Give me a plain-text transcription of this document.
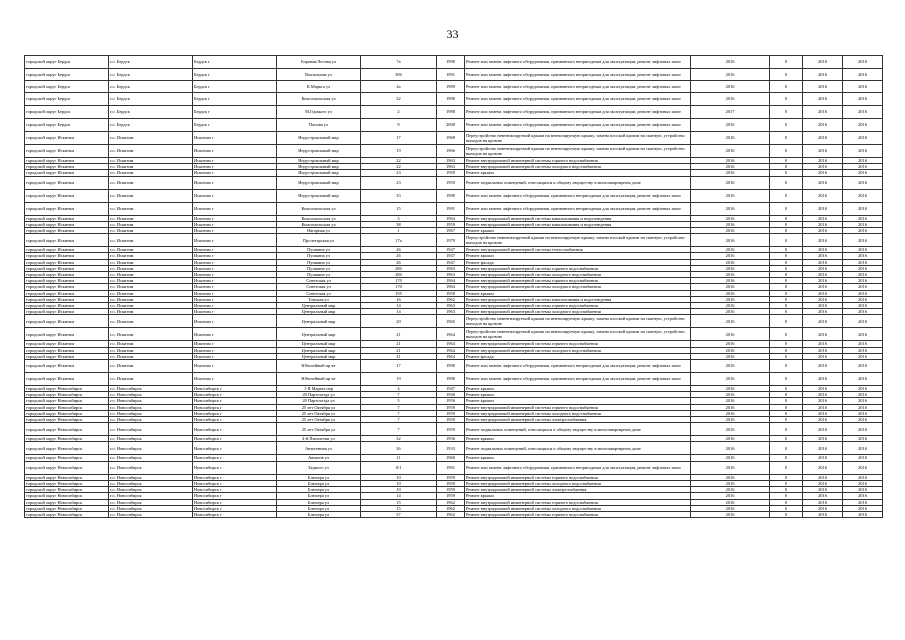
33
городской округ Бердск	г.о. Бердск	Бердск г	Боровая/Лесная ул	7а	1990	Ремонт или замена лифтового оборудования, признанного непригодным для эксплуатации, ремонт лифтовых шахт	2016	0	2016	2016
городской округ Бердск	г.о. Бердск	Бердск г	Вокзальная ул	50б	1991	Ремонт или замена лифтового оборудования, признанного непригодным для эксплуатации, ремонт лифтовых шахт	2016	0	2016	2016
городской округ Бердск	г.о. Бердск	Бердск г	К.Маркса ул	2а	1989	Ремонт или замена лифтового оборудования, признанного непригодным для эксплуатации, ремонт лифтовых шахт	2016	0	2016	2016
городской округ Бердск	г.о. Бердск	Бердск г	Комсомольская ул	32	1990	Ремонт или замена лифтового оборудования, признанного непригодным для эксплуатации, ремонт лифтовых шахт	2016	0	2016	2016
городской округ Бердск	г.о. Бердск	Бердск г	М.Горького ул	2	1988	Ремонт или замена лифтового оборудования, признанного непригодным для эксплуатации, ремонт лифтовых шахт	2017	0	2016	2016
городской округ Бердск	г.о. Бердск	Бердск г	Попова ул	9	2008	Ремонт или замена лифтового оборудования, признанного непригодным для эксплуатации, ремонт лифтовых шахт	2016	0	2016	2016
городской округ Искитим	г.о. Искитим	Искитим г	Индустриальный мкр	17	1968	Переустройство невентилируемой крыши на вентилируемую крышу, замена плоской кровли на скатную, устройство выходов на кровлю	2016	0	2016	2016
городской округ Искитим	г.о. Искитим	Искитим г	Индустриальный мкр	19	1966	Переустройство невентилируемой крыши на вентилируемую крышу, замена плоской кровли на скатную, устройство выходов на кровлю	2016	0	2016	2016
городской округ Искитим	г.о. Искитим	Искитим г	Индустриальный мкр	22	1963	Ремонт внутридомовой инженерной системы горячего водоснабжения	2016	0	2016	2016
городской округ Искитим	г.о. Искитим	Искитим г	Индустриальный мкр	22	1963	Ремонт внутридомовой инженерной системы холодного водоснабжения	2016	0	2016	2016
городской округ Искитим	г.о. Искитим	Искитим г	Индустриальный мкр	23	1959	Ремонт крыши	2016	0	2016	2016
городской округ Искитим	г.о. Искитим	Искитим г	Индустриальный мкр	23	1959	Ремонт подвальных помещений, относящихся к общему имуществу в многоквартирном доме	2016	0	2016	2016
городской округ Искитим	г.о. Искитим	Искитим г	Индустриальный мкр	33	1990	Ремонт или замена лифтового оборудования, признанного непригодным для эксплуатации, ремонт лифтовых шахт	2016	0	2016	2016
городской округ Искитим	г.о. Искитим	Искитим г	Комсомольская ул	15	1991	Ремонт или замена лифтового оборудования, признанного непригодным для эксплуатации, ремонт лифтовых шахт	2016	0	2016	2016
городской округ Искитим	г.о. Искитим	Искитим г	Комсомольская ул	3	1964	Ремонт внутридомовой инженерной системы канализования и водоотведения	2016	0	2016	2016
городской округ Искитим	г.о. Искитим	Искитим г	Комсомольская ул	38	1959	Ремонт внутридомовой инженерной системы канализования и водоотведения	2016	0	2016	2016
городской округ Искитим	г.о. Искитим	Искитим г	Нагорная ул	1	1967	Ремонт крыши	2016	0	2016	2016
городской округ Искитим	г.о. Искитим	Искитим г	Пролетарская ул	17а	1979	Переустройство невентилируемой крыши на вентилируемую крышу, замена плоской кровли на скатную, устройство выходов на кровлю	2016	0	2016	2016
городской округ Искитим	г.о. Искитим	Искитим г	Пушкина ул	26	1947	Ремонт внутридомовой инженерной системы теплоснабжения	2016	0	2016	2016
городской округ Искитим	г.о. Искитим	Искитим г	Пушкина ул	26	1947	Ремонт крыши	2016	0	2016	2016
городской округ Искитим	г.о. Искитим	Искитим г	Пушкина ул	26	1947	Ремонт фасада	2016	0	2016	2016
городской округ Искитим	г.о. Искитим	Искитим г	Пушкина ул	28б	1963	Ремонт внутридомовой инженерной системы горячего водоснабжения	2016	0	2016	2016
городской округ Искитим	г.о. Искитим	Искитим г	Пушкина ул	28б	1963	Ремонт внутридомовой инженерной системы холодного водоснабжения	2016	0	2016	2016
городской округ Искитим	г.о. Искитим	Искитим г	Советская ул	170	1964	Ремонт внутридомовой инженерной системы горячего водоснабжения	2016	0	2016	2016
городской округ Искитим	г.о. Искитим	Искитим г	Советская ул	170	1964	Ремонт внутридомовой инженерной системы холодного водоснабжения	2016	0	2016	2016
городской округ Искитим	г.о. Искитим	Искитим г	Советская ул	195	1958	Ремонт крыши	2016	0	2016	2016
городской округ Искитим	г.о. Искитим	Искитим г	Томская ул	16	1962	Ремонт внутридомовой инженерной системы канализования и водоотведения	2016	0	2016	2016
городской округ Искитим	г.о. Искитим	Искитим г	Центральный мкр	14	1963	Ремонт внутридомовой инженерной системы горячего водоснабжения	2016	0	2016	2016
городской округ Искитим	г.о. Искитим	Искитим г	Центральный мкр	14	1963	Ремонт внутридомовой инженерной системы холодного водоснабжения	2016	0	2016	2016
городской округ Искитим	г.о. Искитим	Искитим г	Центральный мкр	20	1965	Переустройство невентилируемой крыши на вентилируемую крышу, замена плоской кровли на скатную, устройство выходов на кровлю	2016	0	2016	2016
городской округ Искитим	г.о. Искитим	Искитим г	Центральный мкр	21	1964	Переустройство невентилируемой крыши на вентилируемую крышу, замена плоской кровли на скатную, устройство выходов на кровлю	2016	0	2016	2016
городской округ Искитим	г.о. Искитим	Искитим г	Центральный мкр	21	1964	Ремонт внутридомовой инженерной системы горячего водоснабжения	2016	0	2016	2016
городской округ Искитим	г.о. Искитим	Искитим г	Центральный мкр	21	1964	Ремонт внутридомовой инженерной системы холодного водоснабжения	2016	0	2016	2016
городской округ Искитим	г.о. Искитим	Искитим г	Центральный мкр	21	1964	Ремонт фасада	2016	0	2016	2016
городской округ Искитим	г.о. Искитим	Искитим г	Юбилейный пр-кт	17	1990	Ремонт или замена лифтового оборудования, признанного непригодным для эксплуатации, ремонт лифтовых шахт	2016	0	2016	2016
городской округ Искитим	г.о. Искитим	Искитим г	Юбилейный пр-кт	19	1990	Ремонт или замена лифтового оборудования, признанного непригодным для эксплуатации, ремонт лифтовых шахт	2016	0	2016	2016
городской округ Новосибирск	г.о. Новосибирск	Новосибирск г	1-Я Марата пер	4	1947	Ремонт крыши	2016	0	2016	2016
городской округ Новосибирск	г.о. Новосибирск	Новосибирск г	20 Партсъезда ул	7	1940	Ремонт крыши	2016	0	2016	2016
городской округ Новосибирск	г.о. Новосибирск	Новосибирск г	20 Партсъезда ул	5	1956	Ремонт крыши	2016	0	2016	2016
городской округ Новосибирск	г.о. Новосибирск	Новосибирск г	25 лет Октября ул	7	1959	Ремонт внутридомовой инженерной системы горячего водоснабжения	2016	0	2016	2016
городской округ Новосибирск	г.о. Новосибирск	Новосибирск г	25 лет Октября ул	7	1959	Ремонт внутридомовой инженерной системы холодного водоснабжения	2016	0	2016	2016
городской округ Новосибирск	г.о. Новосибирск	Новосибирск г	25 лет Октября ул	7	1959	Ремонт внутридомовой инженерной системы электроснабжения	2016	0	2016	2016
городской округ Новосибирск	г.о. Новосибирск	Новосибирск г	25 лет Октября ул	7	1959	Ремонт подвальных помещений, относящихся к общему имуществу в многоквартирном доме	2016	0	2016	2016
городской округ Новосибирск	г.о. Новосибирск	Новосибирск г	4-й Пятилетки ул	32	1956	Ремонт крыши	2016	0	2016	2016
городской округ Новосибирск	г.о. Новосибирск	Новосибирск г	Автогенная ул	26	1933	Ремонт подвальных помещений, относящихся к общему имуществу в многоквартирном доме	2016	0	2016	2016
городской округ Новосибирск	г.о. Новосибирск	Новосибирск г	Авиагов ул	11	1960	Ремонт крыши	2016	0	2016	2016
городской округ Новосибирск	г.о. Новосибирск	Новосибирск г	Бедного ул	0/1	1991	Ремонт или замена лифтового оборудования, признанного непригодным для эксплуатации, ремонт лифтовых шахт	2016	0	2016	2016
городской округ Новосибирск	г.о. Новосибирск	Новосибирск г	Блюхера ул	10	1959	Ремонт внутридомовой инженерной системы горячего водоснабжения	2016	0	2016	2016
городской округ Новосибирск	г.о. Новосибирск	Новосибирск г	Блюхера ул	10	1959	Ремонт внутридомовой инженерной системы холодного водоснабжения	2016	0	2016	2016
городской округ Новосибирск	г.о. Новосибирск	Новосибирск г	Блюхера ул	10	1959	Ремонт внутридомовой инженерной системы электроснабжения	2016	0	2016	2016
городской округ Новосибирск	г.о. Новосибирск	Новосибирск г	Блюхера ул	14	1959	Ремонт крыши	2016	0	2016	2016
городской округ Новосибирск	г.о. Новосибирск	Новосибирск г	Блюхера ул	15	1962	Ремонт внутридомовой инженерной системы горячего водоснабжения	2016	0	2016	2016
городской округ Новосибирск	г.о. Новосибирск	Новосибирск г	Блюхера ул	15	1962	Ремонт внутридомовой инженерной системы холодного водоснабжения	2016	0	2016	2016
городской округ Новосибирск	г.о. Новосибирск	Новосибирск г	Блюхера ул	37	1962	Ремонт внутридомовой инженерной системы горячего водоснабжения	2016	0	2016	2016
